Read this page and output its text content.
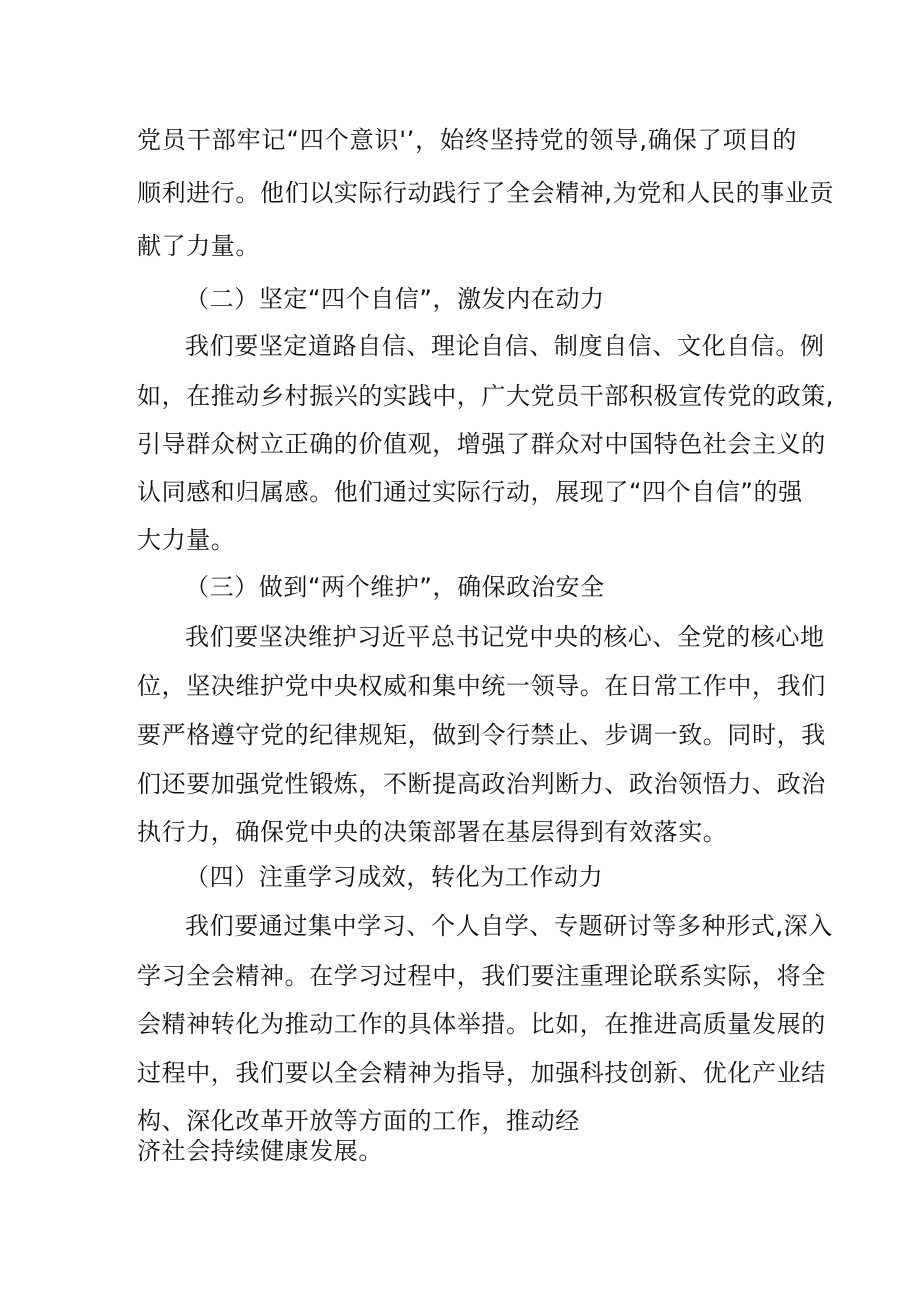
党员干部牢记“四个意识'’，始终坚持党的领导,确保了项目的
顺利进行。他们以实际行动践行了全会精神,为党和人民的事业贡
献了力量。
（二）坚定“四个自信”，激发内在动力
我们要坚定道路自信、理论自信、制度自信、文化自信。例
如，在推动乡村振兴的实践中，广大党员干部积极宣传党的政策,
引导群众树立正确的价值观，增强了群众对中国特色社会主义的
认同感和归属感。他们通过实际行动，展现了“四个自信”的强
大力量。
（三）做到“两个维护”，确保政治安全
我们要坚决维护习近平总书记党中央的核心、全党的核心地
位，坚决维护党中央权威和集中统一领导。在日常工作中，我们
要严格遵守党的纪律规矩，做到令行禁止、步调一致。同时，我
们还要加强党性锻炼，不断提高政治判断力、政治领悟力、政治
执行力，确保党中央的决策部署在基层得到有效落实。
（四）注重学习成效，转化为工作动力
我们要通过集中学习、个人自学、专题研讨等多种形式,深入
学习全会精神。在学习过程中，我们要注重理论联系实际，将全
会精神转化为推动工作的具体举措。比如，在推进高质量发展的
过程中，我们要以全会精神为指导，加强科技创新、优化产业结
构、深化改革开放等方面的工作，推动经
济社会持续健康发展。
